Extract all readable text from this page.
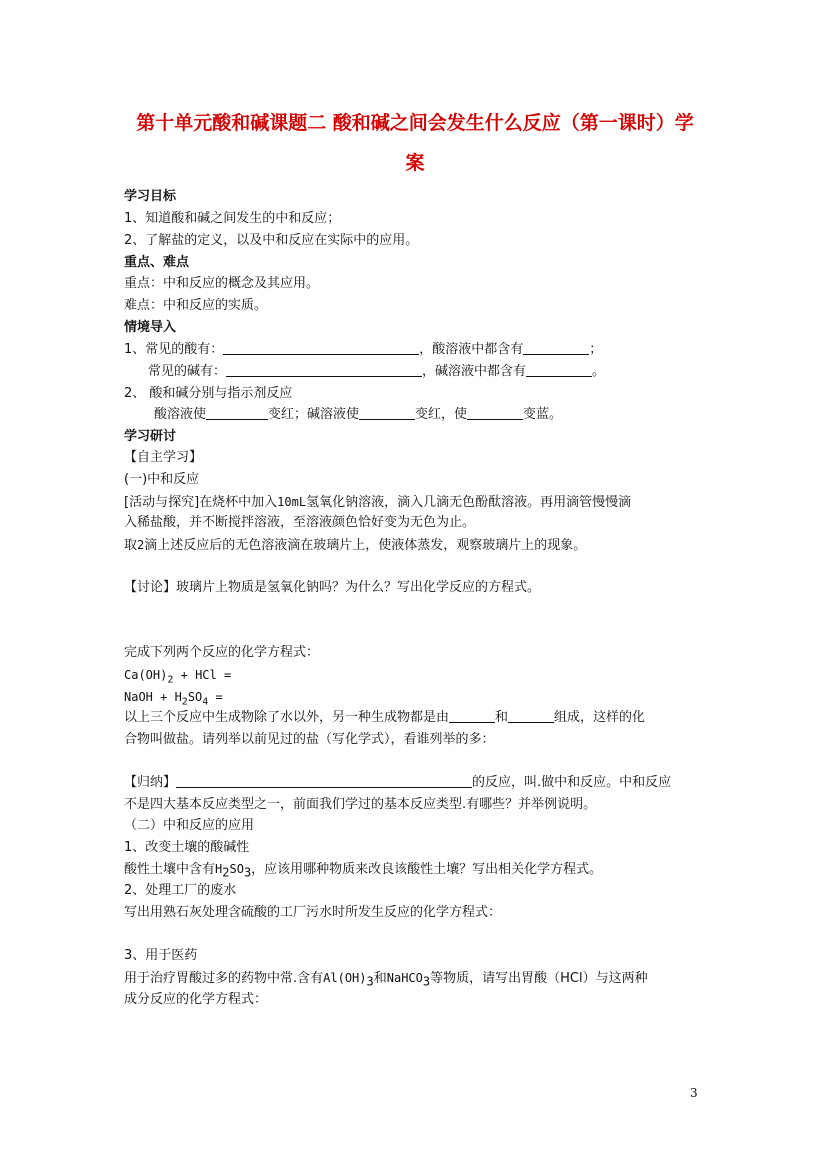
第十单元酸和碱课题二 酸和碱之间会发生什么反应（第一课时）学
案
学习目标
1、知道酸和碱之间发生的中和反应；
2、了解盐的定义，以及中和反应在实际中的应用。
重点、难点
重点：中和反应的概念及其应用。
难点：中和反应的实质。
情境导入
1、常见的酸有：	，酸溶液中都含有	；
常见的碱有：	，碱溶液中都含有	。
2、 酸和碱分别与指示剂反应
酸溶液使	变红；碱溶液使	变红，使	变蓝。
学习研讨
【自主学习】
(一)中和反应
[活动与探究]在烧杯中加入10mL氢氧化钠溶液，滴入几滴无色酚酞溶液。再用滴管慢慢滴
入稀盐酸，并不断搅拌溶液，至溶液颜色恰好变为无色为止。
取2滴上述反应后的无色溶液滴在玻璃片上，使液体蒸发，观察玻璃片上的现象。
【讨论】玻璃片上物质是氢氧化钠吗？为什么？写出化学反应的方程式。
完成下列两个反应的化学方程式：
$Ca(OH)_2$ + HCl =
NaOH + $H_2SO_4$ =
以上三个反应中生成物除了水以外，另一种生成物都是由	和	组成，这样的化
合物叫做盐。请列举以前见过的盐（写化学式），看谁列举的多：
【归纳】	的反应，叫.做中和反应。中和反应
不是四大基本反应类型之一，前面我们学过的基本反应类型.有哪些？并举例说明。
（二）中和反应的应用
1、改变土壤的酸碱性
酸性土壤中含有$H_2SO_3$，应该用哪种物质来改良该酸性土壤？写出相关化学方程式。
2、处理工厂的废水
写出用熟石灰处理含硫酸的工厂污水时所发生反应的化学方程式：
3、用于医药
用于治疗胃酸过多的药物中常.含有$Al(OH)_3$和NaHCO$_3$等物质，请写出胃酸（HCl）与这两种
成分反应的化学方程式：
3
